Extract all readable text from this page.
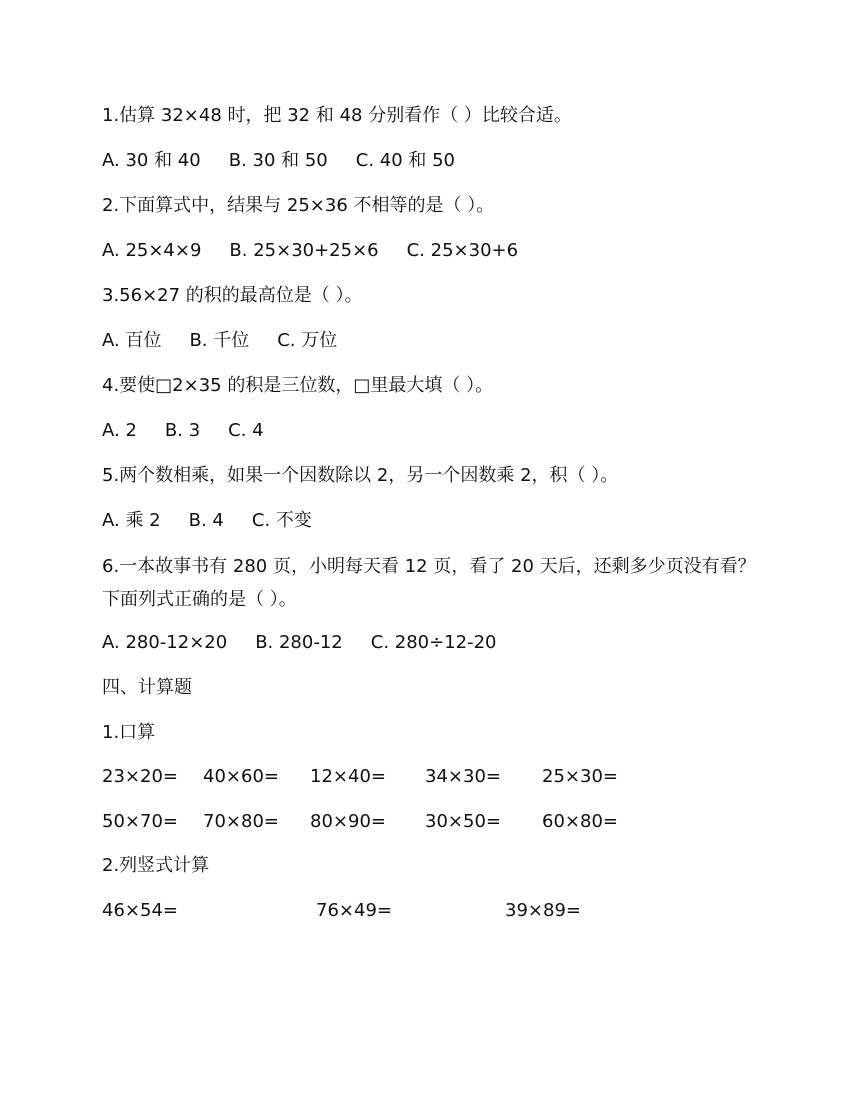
1.估算 32×48 时，把 32 和 48 分别看作（ ）比较合适。
A. 30 和 40 B. 30 和 50 C. 40 和 50
2.下面算式中，结果与 25×36 不相等的是（ ）。
A. 25×4×9 B. 25×30+25×6 C. 25×30+6
3.56×27 的积的最高位是（ ）。
A. 百位 B. 千位 C. 万位
4.要使□2×35 的积是三位数，□里最大填（ ）。
A. 2 B. 3 C. 4
5.两个数相乘，如果一个因数除以 2，另一个因数乘 2，积（ ）。
A. 乘 2 B. 4 C. 不变
6.一本故事书有 280 页，小明每天看 12 页，看了 20 天后，还剩多少页没有看？下面列式正确的是（ ）。
A. 280-12×20 B. 280-12 C. 280÷12-20
四、计算题
1.口算
23×20= 40×60= 12×40= 34×30= 25×30=
50×70= 70×80= 80×90= 30×50= 60×80=
2.列竖式计算
46×54=	76×49=	39×89=
